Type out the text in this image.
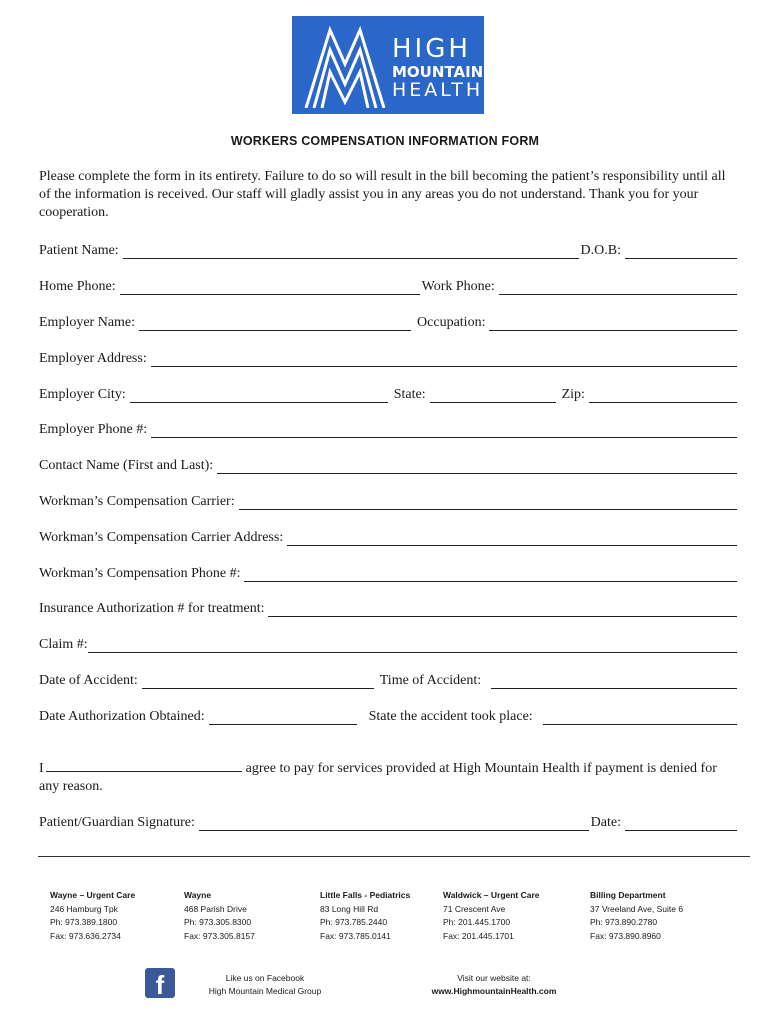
HIGH
MOUNTAIN
HEALTH
WORKERS COMPENSATION INFORMATION FORM
Please complete the form in its entirety. Failure to do so will result in the bill becoming the patient’s responsibility until all of the information is received. Our staff will gladly assist you in any areas you do not understand. Thank you for your cooperation.
Patient Name:	D.O.B:
Home Phone:	Work Phone:
Employer Name:	Occupation:
Employer Address:
Employer City:	State:	Zip:
Employer Phone #:
Contact Name (First and Last):
Workman’s Compensation Carrier:
Workman’s Compensation Carrier Address:
Workman’s Compensation Phone #:
Insurance Authorization # for treatment:
Claim #:
Date of Accident:	Time of Accident:
Date Authorization Obtained:	State the accident took place:
I	agree to pay for services provided at High Mountain Health if payment is denied for any reason.
Patient/Guardian Signature:	Date:
Wayne – Urgent Care
246 Hamburg Tpk
Ph: 973.389.1800
Fax: 973.636.2734
Wayne
468 Parish Drive
Ph: 973.305.8300
Fax: 973.305.8157
Little Falls - Pediatrics
83 Long Hill Rd
Ph: 973.785.2440
Fax: 973.785.0141
Waldwick – Urgent Care
71 Crescent Ave
Ph: 201.445.1700
Fax: 201.445.1701
Billing Department
37 Vreeland Ave, Suite 6
Ph: 973.890.2780
Fax: 973.890.8960
f	Like us on Facebook
High Mountain Medical Group
Visit our website at:
www.HighmountainHealth.com
